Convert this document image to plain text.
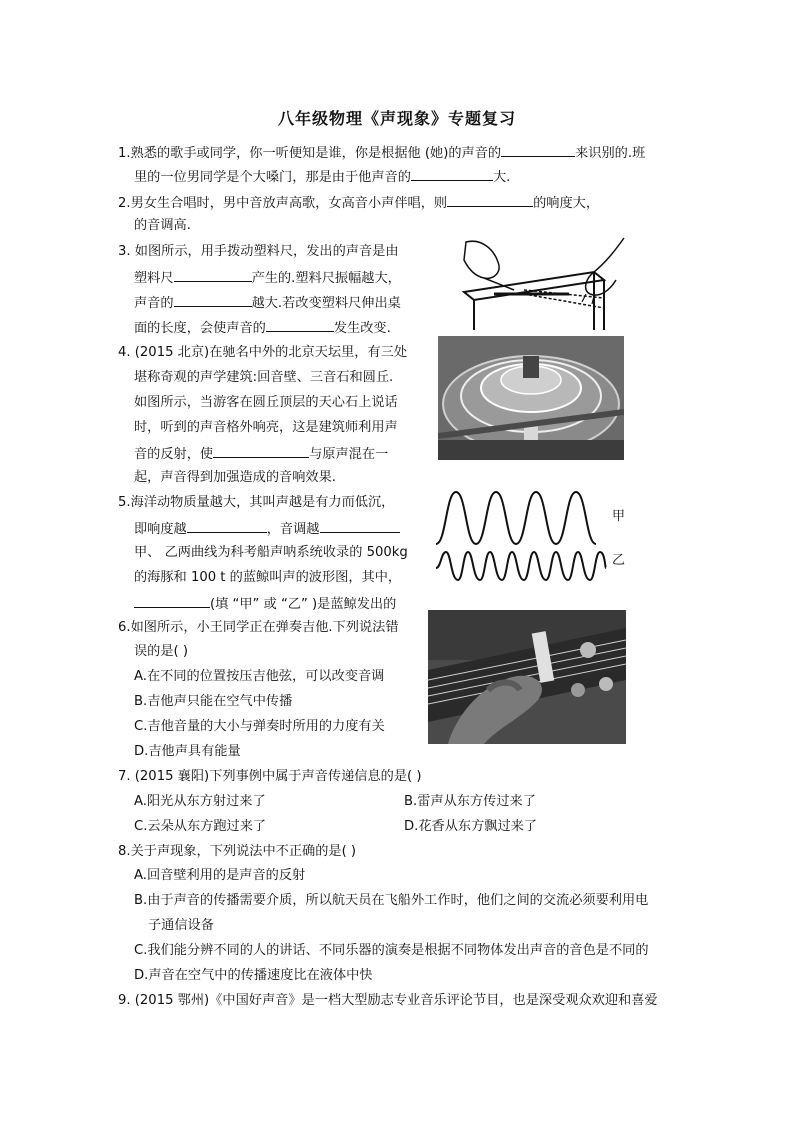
八年级物理《声现象》专题复习
1.熟悉的歌手或同学，你一听便知是谁，你是根据他 (她)的声音的	来识别的.班
里的一位男同学是个大嗓门，那是由于他声音的	大.
2.男女生合唱时，男中音放声高歌，女高音小声伴唱，则	的响度大，
的音调高.
3. 如图所示，用手拨动塑料尺，发出的声音是由
塑料尺	产生的.塑料尺振幅越大，
声音的	越大.若改变塑料尺伸出桌
面的长度，会使声音的	发生改变.
4. (2015 北京)在驰名中外的北京天坛里，有三处
堪称奇观的声学建筑:回音壁、三音石和圆丘.
如图所示，当游客在圆丘顶层的天心石上说话
时，听到的声音格外响亮，这是建筑师利用声
音的反射，使	与原声混在一
起，声音得到加强造成的音响效果.
5.海洋动物质量越大，其叫声越是有力而低沉，
即响度越	，音调越
甲、 乙两曲线为科考船声呐系统收录的 500kg
的海豚和 100 t 的蓝鲸叫声的波形图，其中，
(填 “甲” 或 “乙” )是蓝鲸发出的
甲
乙
6.如图所示，小王同学正在弹奏吉他.下列说法错
误的是( )
A.在不同的位置按压吉他弦，可以改变音调
B.吉他声只能在空气中传播
C.吉他音量的大小与弹奏时所用的力度有关
D.吉他声具有能量
7. (2015 襄阳)下列事例中属于声音传递信息的是( )
A.阳光从东方射过来了	B.雷声从东方传过来了
C.云朵从东方跑过来了	D.花香从东方飘过来了
8.关于声现象，下列说法中不正确的是( )
A.回音壁利用的是声音的反射
B.由于声音的传播需要介质，所以航天员在飞船外工作时，他们之间的交流必须要利用电
子通信设备
C.我们能分辨不同的人的讲话、不同乐器的演奏是根据不同物体发出声音的音色是不同的
D.声音在空气中的传播速度比在液体中快
9. (2015 鄂州)《中国好声音》是一档大型励志专业音乐评论节目，也是深受观众欢迎和喜爱
